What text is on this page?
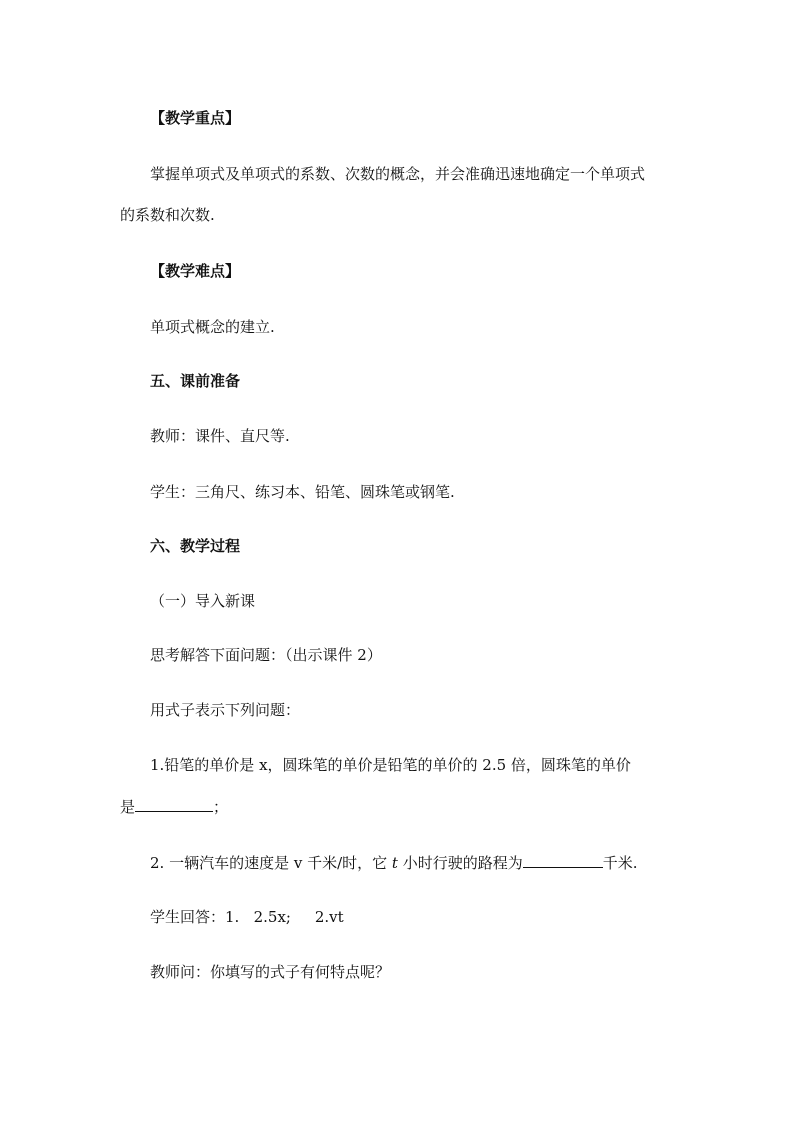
【教学重点】
掌握单项式及单项式的系数、次数的概念，并会准确迅速地确定一个单项式
的系数和次数.
【教学难点】
单项式概念的建立.
五、课前准备
教师：课件、直尺等.
学生：三角尺、练习本、铅笔、圆珠笔或钢笔.
六、教学过程
（一）导入新课
思考解答下面问题：（出示课件 2）
用式子表示下列问题：
1.铅笔的单价是 x，圆珠笔的单价是铅笔的单价的 2.5 倍，圆珠笔的单价
是	；
2. 一辆汽车的速度是 v 千米/时，它 t 小时行驶的路程为	千米.
学生回答：1.   2.5x;     2.vt
教师问：你填写的式子有何特点呢？
